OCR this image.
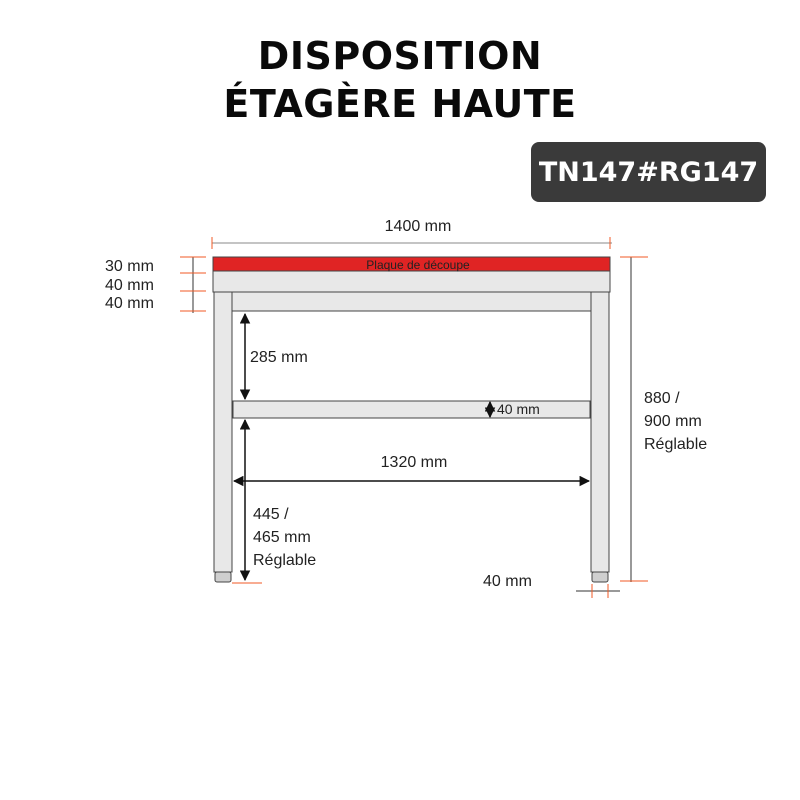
DISPOSITION
ÉTAGÈRE HAUTE
TN147#RG147
Plaque de découpe
1400 mm
30 mm
40 mm
40 mm
285 mm
40 mm
1320 mm
445 /
465 mm
Réglable
880 /
900 mm
Réglable
40 mm
